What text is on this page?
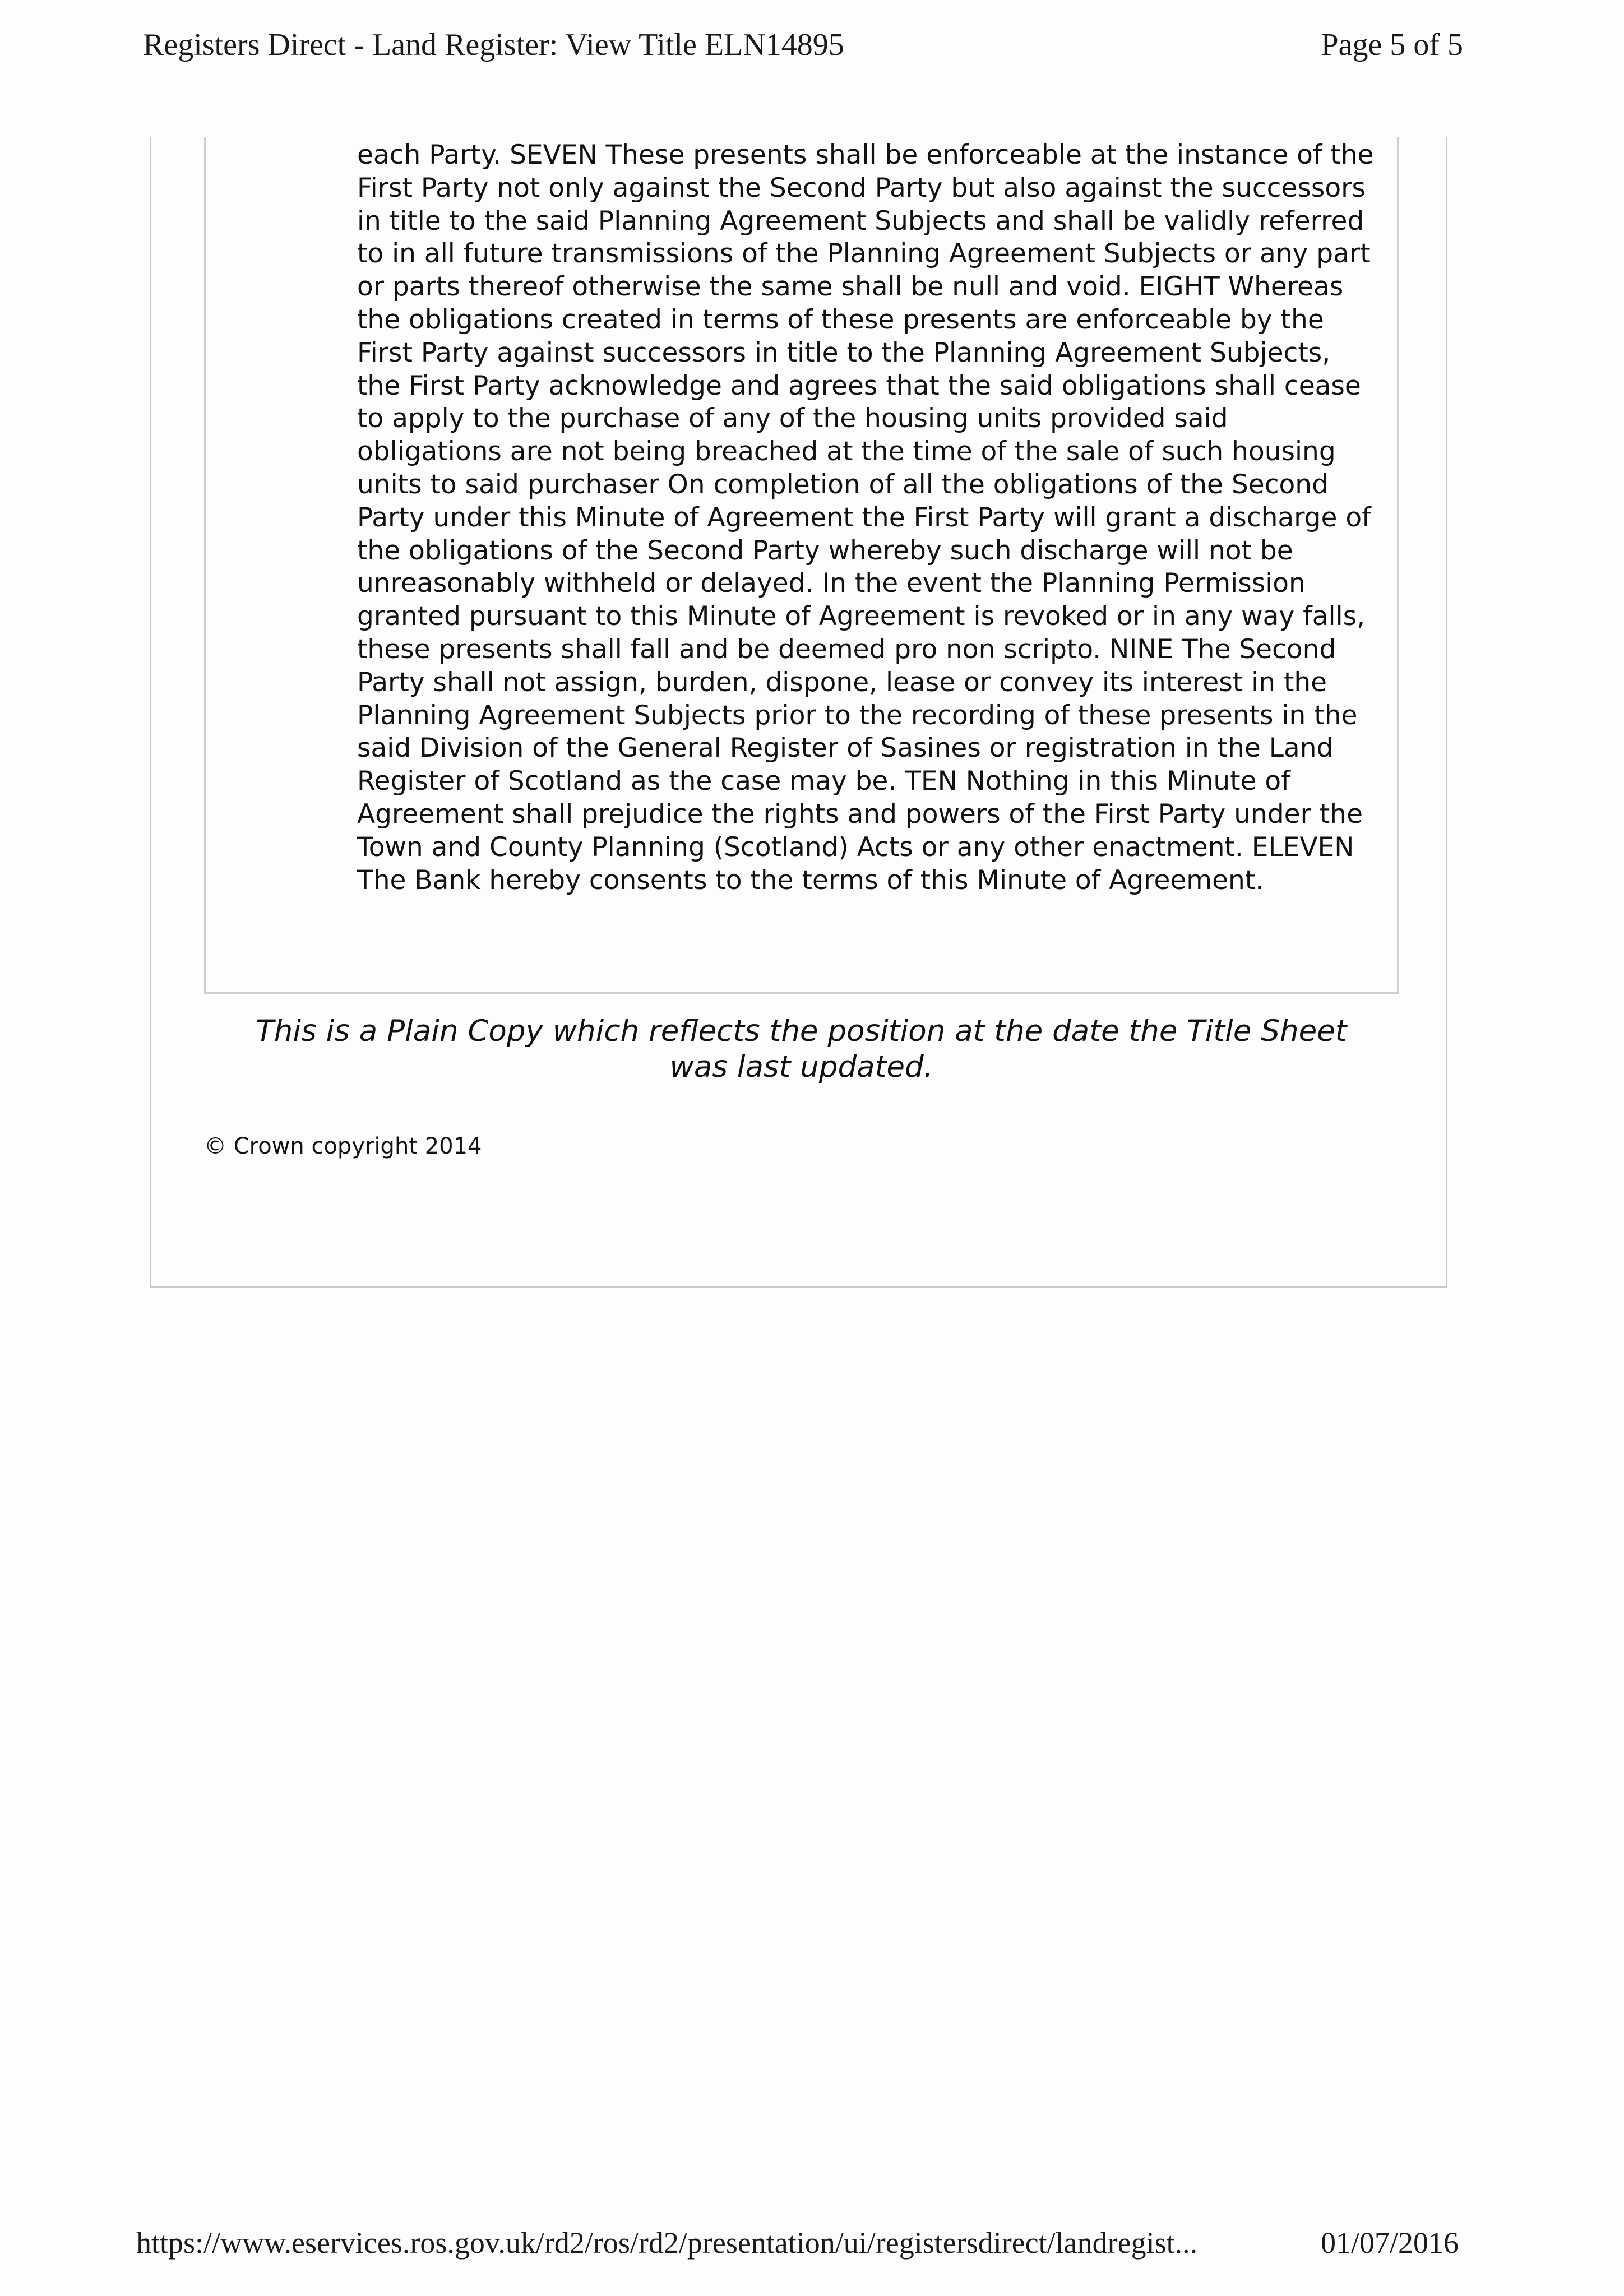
Registers Direct - Land Register: View Title ELN14895	Page 5 of 5

each Party. SEVEN These presents shall be enforceable at the instance of the First Party not only against the Second Party but also against the successors in title to the said Planning Agreement Subjects and shall be validly referred to in all future transmissions of the Planning Agreement Subjects or any part or parts thereof otherwise the same shall be null and void. EIGHT Whereas the obligations created in terms of these presents are enforceable by the First Party against successors in title to the Planning Agreement Subjects, the First Party acknowledge and agrees that the said obligations shall cease to apply to the purchase of any of the housing units provided said obligations are not being breached at the time of the sale of such housing units to said purchaser On completion of all the obligations of the Second Party under this Minute of Agreement the First Party will grant a discharge of the obligations of the Second Party whereby such discharge will not be unreasonably withheld or delayed. In the event the Planning Permission granted pursuant to this Minute of Agreement is revoked or in any way falls, these presents shall fall and be deemed pro non scripto. NINE The Second Party shall not assign, burden, dispone, lease or convey its interest in the Planning Agreement Subjects prior to the recording of these presents in the said Division of the General Register of Sasines or registration in the Land Register of Scotland as the case may be. TEN Nothing in this Minute of Agreement shall prejudice the rights and powers of the First Party under the Town and County Planning (Scotland) Acts or any other enactment. ELEVEN The Bank hereby consents to the terms of this Minute of Agreement.

This is a Plain Copy which reflects the position at the date the Title Sheet was last updated.
© Crown copyright 2014
https://www.eservices.ros.gov.uk/rd2/ros/rd2/presentation/ui/registersdirect/landregist...	01/07/2016
